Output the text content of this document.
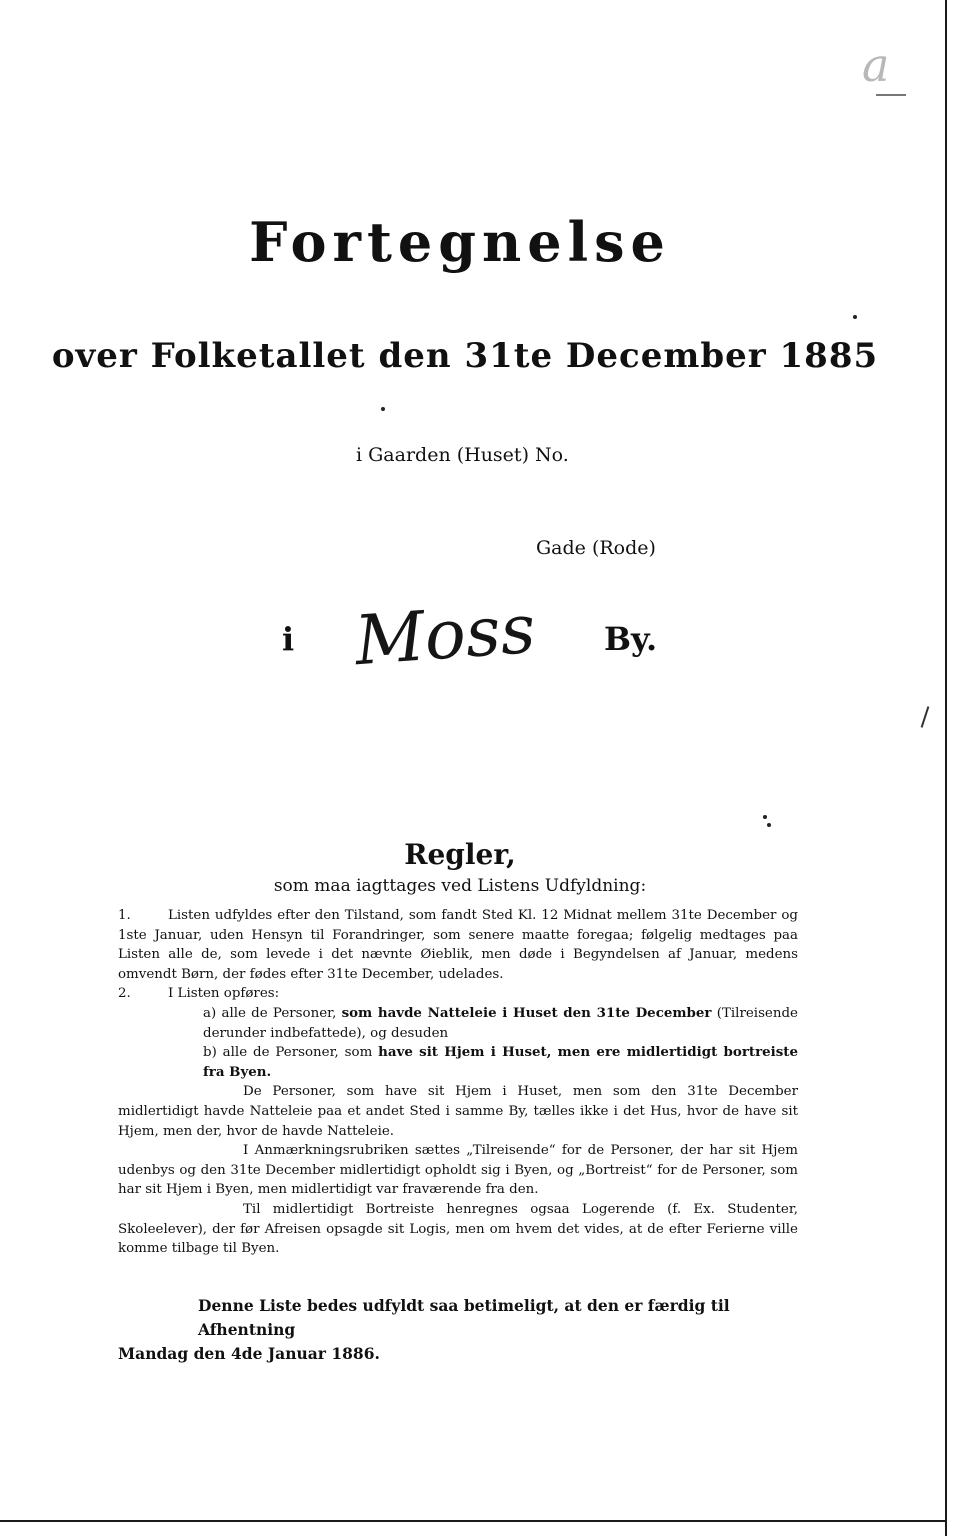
a
Fortegnelse
over Folketallet den 31te December 1885
i Gaarden (Huset) No.
Gade (Rode)
i Moss By.
Regler,
som maa iagttages ved Listens Udfyldning:

1.	Listen udfyldes efter den Tilstand, som fandt Sted Kl. 12 Midnat mellem 31te December og 1ste Januar, uden Hensyn til Forandringer, som senere maatte foregaa; følgelig medtages paa Listen alle de, som levede i det nævnte Øieblik, men døde i Begyndelsen af Januar, medens omvendt Børn, der fødes efter 31te December, udelades.

2.	I Listen opføres:

a) alle de Personer, som havde Natteleie i Huset den 31te December (Tilreisende derunder indbefattede), og desuden

b) alle de Personer, som have sit Hjem i Huset, men ere midlertidigt bortreiste fra Byen.

De Personer, som have sit Hjem i Huset, men som den 31te December midlertidigt havde Natteleie paa et andet Sted i samme By, tælles ikke i det Hus, hvor de have sit Hjem, men der, hvor de havde Natteleie.

I Anmærkningsrubriken sættes „Tilreisende“ for de Personer, der har sit Hjem udenbys og den 31te December midlertidigt opholdt sig i Byen, og „Bortreist“ for de Personer, som har sit Hjem i Byen, men midlertidigt var fraværende fra den.

Til midlertidigt Bortreiste henregnes ogsaa Logerende (f. Ex. Studenter, Skoleelever), der før Afreisen opsagde sit Logis, men om hvem det vides, at de efter Ferierne ville komme tilbage til Byen.

Denne Liste bedes udfyldt saa betimeligt, at den er færdig til Afhentning
Mandag den 4de Januar 1886.
